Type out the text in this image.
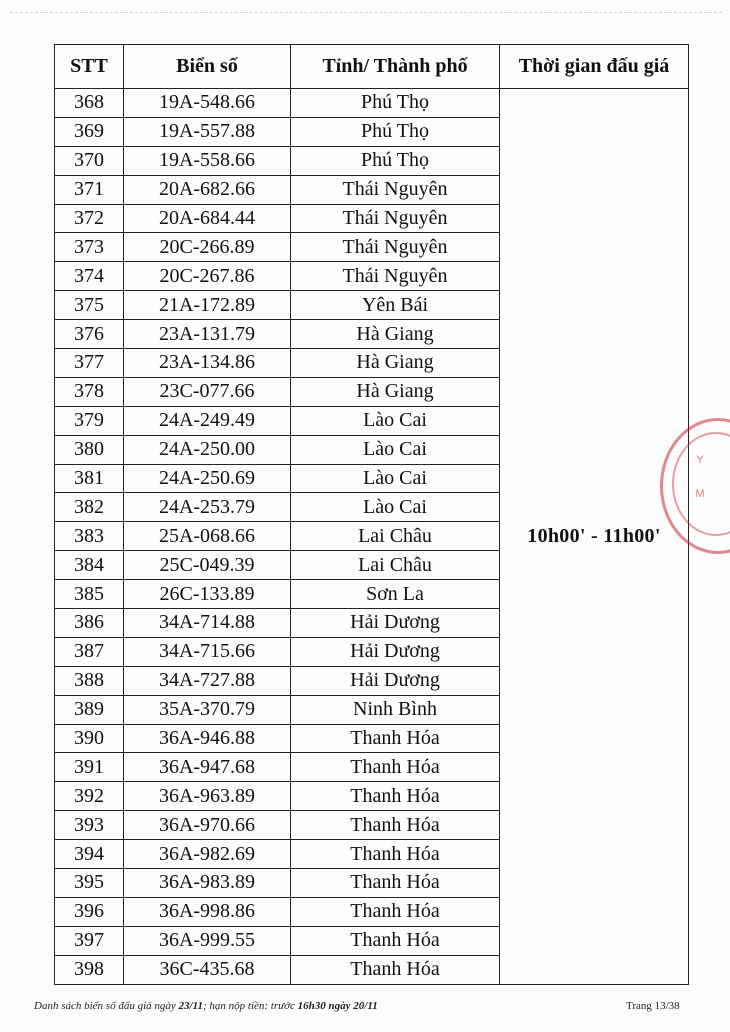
STT	Biển số	Tỉnh/ Thành phố	Thời gian đấu giá
368	19A-548.66	Phú Thọ	10h00' - 11h00'
369	19A-557.88	Phú Thọ	
370	19A-558.66	Phú Thọ	
371	20A-682.66	Thái Nguyên	
372	20A-684.44	Thái Nguyên	
373	20C-266.89	Thái Nguyên	
374	20C-267.86	Thái Nguyên	
375	21A-172.89	Yên Bái	
376	23A-131.79	Hà Giang	
377	23A-134.86	Hà Giang	
378	23C-077.66	Hà Giang	
379	24A-249.49	Lào Cai	
380	24A-250.00	Lào Cai	
381	24A-250.69	Lào Cai	
382	24A-253.79	Lào Cai	
383	25A-068.66	Lai Châu	
384	25C-049.39	Lai Châu	
385	26C-133.89	Sơn La	
386	34A-714.88	Hải Dương	
387	34A-715.66	Hải Dương	
388	34A-727.88	Hải Dương	
389	35A-370.79	Ninh Bình	
390	36A-946.88	Thanh Hóa	
391	36A-947.68	Thanh Hóa	
392	36A-963.89	Thanh Hóa	
393	36A-970.66	Thanh Hóa	
394	36A-982.69	Thanh Hóa	
395	36A-983.89	Thanh Hóa	
396	36A-998.86	Thanh Hóa	
397	36A-999.55	Thanh Hóa	
398	36C-435.68	Thanh Hóa	
Y
M
Danh sách biển số đấu giá ngày 23/11; hạn nộp tiền: trước 16h30 ngày 20/11	Trang 13/38
